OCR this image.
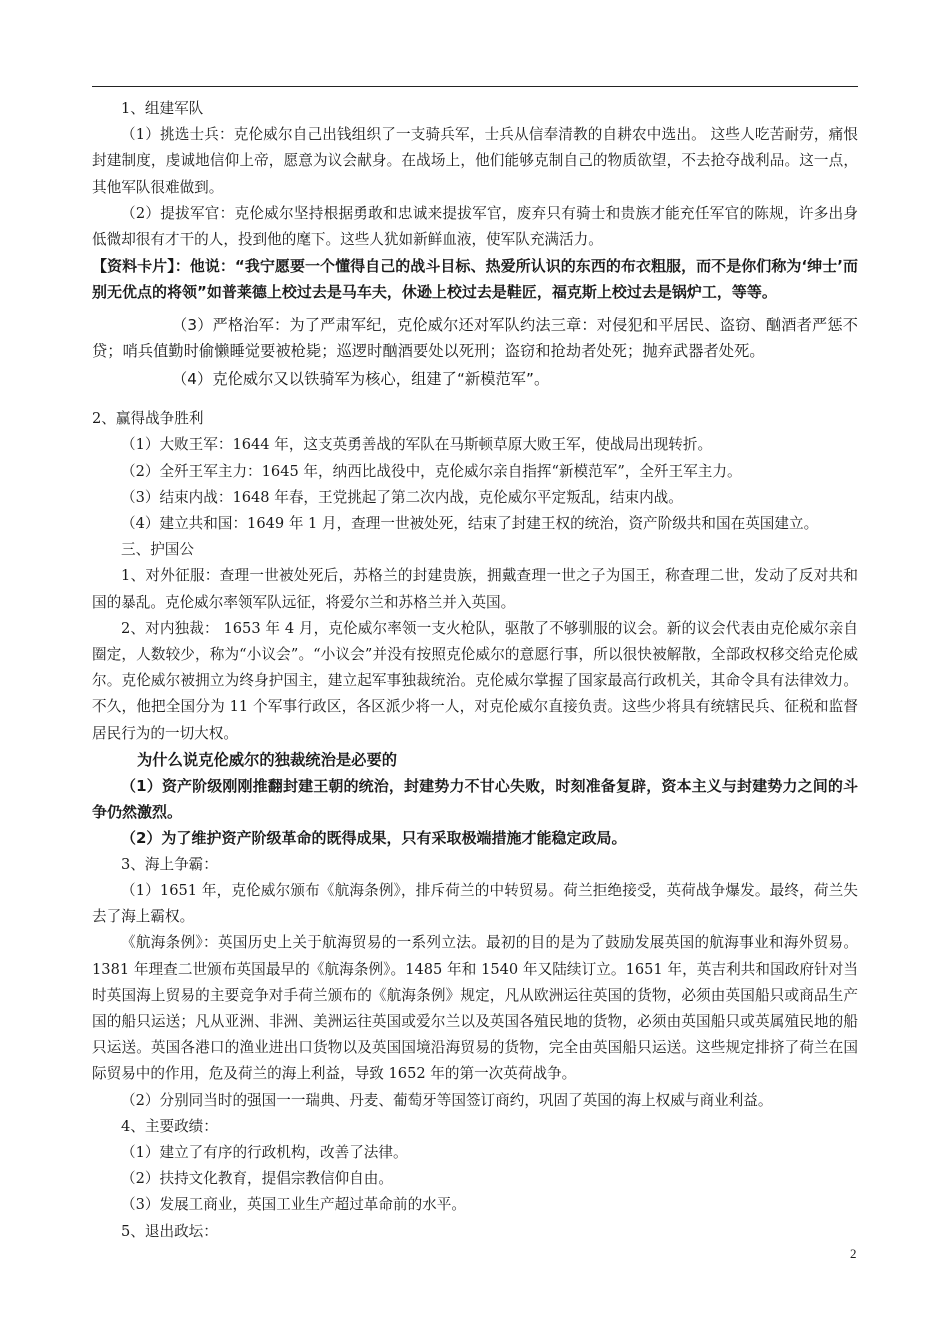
1、组建军队

（1）挑选士兵：克伦威尔自己出钱组织了一支骑兵军，士兵从信奉清教的自耕农中选出。 这些人吃苦耐劳，痛恨封建制度，虔诚地信仰上帝，愿意为议会献身。在战场上，他们能够克制自己的物质欲望，不去抢夺战利品。这一点，其他军队很难做到。

（2）提拔军官：克伦威尔坚持根据勇敢和忠诚来提拔军官，废弃只有骑士和贵族才能充任军官的陈规，许多出身低微却很有才干的人，投到他的麾下。这些人犹如新鲜血液，使军队充满活力。

【资料卡片】：他说：“我宁愿要一个懂得自己的战斗目标、热爱所认识的东西的布衣粗服，而不是你们称为‘绅士’而别无优点的将领”如普莱德上校过去是马车夫，休逊上校过去是鞋匠，福克斯上校过去是锅炉工，等等。

（3）严格治军：为了严肃军纪，克伦威尔还对军队约法三章：对侵犯和平居民、盗窃、酗酒者严惩不贷；哨兵值勤时偷懒睡觉要被枪毙；巡逻时酗酒要处以死刑；盗窃和抢劫者处死；抛弃武器者处死。

（4）克伦威尔又以铁骑军为核心，组建了“新模范军”。

2、赢得战争胜利

（1）大败王军：1644 年，这支英勇善战的军队在马斯顿草原大败王军，使战局出现转折。

（2）全歼王军主力：1645 年，纳西比战役中，克伦威尔亲自指挥“新模范军”，全歼王军主力。

（3）结束内战：1648 年春，王党挑起了第二次内战，克伦威尔平定叛乱，结束内战。

（4）建立共和国：1649 年 1 月，查理一世被处死，结束了封建王权的统治，资产阶级共和国在英国建立。

三、护国公

1、对外征服：查理一世被处死后，苏格兰的封建贵族，拥戴查理一世之子为国王，称查理二世，发动了反对共和国的暴乱。克伦威尔率领军队远征，将爱尔兰和苏格兰并入英国。

2、对内独裁： 1653 年 4 月，克伦威尔率领一支火枪队，驱散了不够驯服的议会。新的议会代表由克伦威尔亲自圈定，人数较少，称为“小议会”。“小议会”并没有按照克伦威尔的意愿行事，所以很快被解散，全部政权移交给克伦威尔。克伦威尔被拥立为终身护国主，建立起军事独裁统治。克伦威尔掌握了国家最高行政机关，其命令具有法律效力。不久，他把全国分为 11 个军事行政区，各区派少将一人，对克伦威尔直接负责。这些少将具有统辖民兵、征税和监督居民行为的一切大权。

为什么说克伦威尔的独裁统治是必要的

（1）资产阶级刚刚推翻封建王朝的统治，封建势力不甘心失败，时刻准备复辟，资本主义与封建势力之间的斗争仍然激烈。

（2）为了维护资产阶级革命的既得成果，只有采取极端措施才能稳定政局。

3、海上争霸：

（1）1651 年，克伦威尔颁布《航海条例》，排斥荷兰的中转贸易。荷兰拒绝接受，英荷战争爆发。最终，荷兰失去了海上霸权。

《航海条例》：英国历史上关于航海贸易的一系列立法。最初的目的是为了鼓励发展英国的航海事业和海外贸易。1381 年理查二世颁布英国最早的《航海条例》。1485 年和 1540 年又陆续订立。1651 年，英吉利共和国政府针对当时英国海上贸易的主要竞争对手荷兰颁布的《航海条例》规定，凡从欧洲运往英国的货物，必须由英国船只或商品生产国的船只运送；凡从亚洲、非洲、美洲运往英国或爱尔兰以及英国各殖民地的货物，必须由英国船只或英属殖民地的船只运送。英国各港口的渔业进出口货物以及英国国境沿海贸易的货物，完全由英国船只运送。这些规定排挤了荷兰在国际贸易中的作用，危及荷兰的海上利益，导致 1652 年的第一次英荷战争。

（2）分别同当时的强国一一瑞典、丹麦、葡萄牙等国签订商约，巩固了英国的海上权威与商业利益。

4、主要政绩：

（1）建立了有序的行政机构，改善了法律。

（2）扶持文化教育，提倡宗教信仰自由。

（3）发展工商业，英国工业生产超过革命前的水平。

5、退出政坛：

2
